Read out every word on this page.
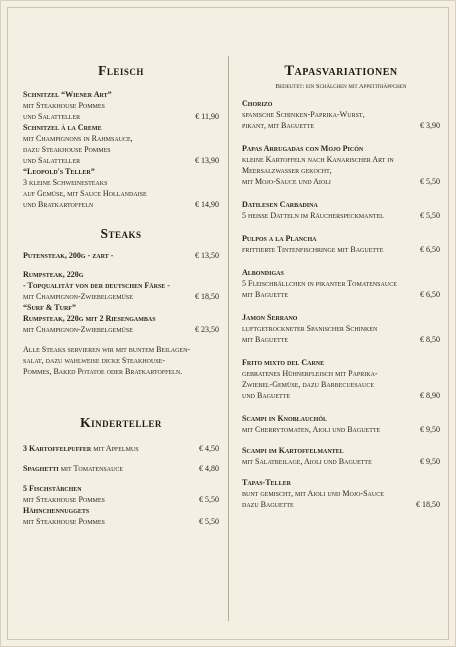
Fleisch
Schnitzel “Wiener Art”
mit Steakhouse Pommes
und Salatteller	€ 11,90
Schnitzel à la Creme
mit Champignons in Rahmsauce,
dazu Steakhouse Pommes
und Salatteller	€ 13,90
“Leopold's Teller”
3 kleine Schweinesteaks
auf Gemüse, mit Sauce Hollandaise
und Bratkartoffeln	€ 14,90
Steaks
Putensteak, 200g - zart -	€ 13,50
Rumpsteak, 220g
- Topqualität von der deutschen Färse -
mit Champignon-Zwiebelgemüse	€ 18,50
“Surf & Turf”
Rumpsteak, 220g mit 2 Riesengambas
mit Champignon-Zwiebelgemüse	€ 23,50
Alle Steaks servieren wir mit buntem Beilagen-
salat, dazu wahlweise dicke Steakhouse-
Pommes, Baked Potatoe oder Bratkartoffeln.
Kinderteller
3 Kartoffelpuffer mit Apfelmus	€ 4,50
Spaghetti mit Tomatensauce	€ 4,80
5 Fischstäbchen
mit Steakhouse Pommes	€ 5,50
Hähnchennuggets
mit Steakhouse Pommes	€ 5,50
Tapasvariationen
Bedeutet: ein Schälchen mit Appetithäppchen
Chorizo
spanische Schinken-Paprika-Wurst,
pikant, mit Baguette	€ 3,90
Papas Arrugadas con Mojo Picón
kleine Kartoffeln nach Kanarischer Art in
Meersalzwasser gekocht,
mit Mojo-Sauce und Aioli	€ 5,50
Datilesen Carbadina
5 heiße Datteln im Räucherspeckmantel	€ 5,50
Pulpos a la Plancha
frittierte Tintenfischringe mit Baguette	€ 6,50
Albondigas
5 Fleischbällchen in pikanter Tomatensauce
mit Baguette	€ 6,50
Jamon Serrano
luftgetrockneter Spanischer Schinken
mit Baguette	€ 8,50
Frito mixto del Carne
gebratenes Hühnerfleisch mit Paprika-
Zwiebel-Gemüse, dazu Barbecuesauce
und Baguette	€ 8,90
Scampi in Knoblauchöl
mit Cherrytomaten, Aioli und Baguette	€ 9,50
Scampi im Kartoffelmantel
mit Salatbeilage, Aioli und Baguette	€ 9,50
Tapas-Teller
bunt gemischt, mit Aioli und Mojo-Sauce
dazu Baguette	€ 18,50
